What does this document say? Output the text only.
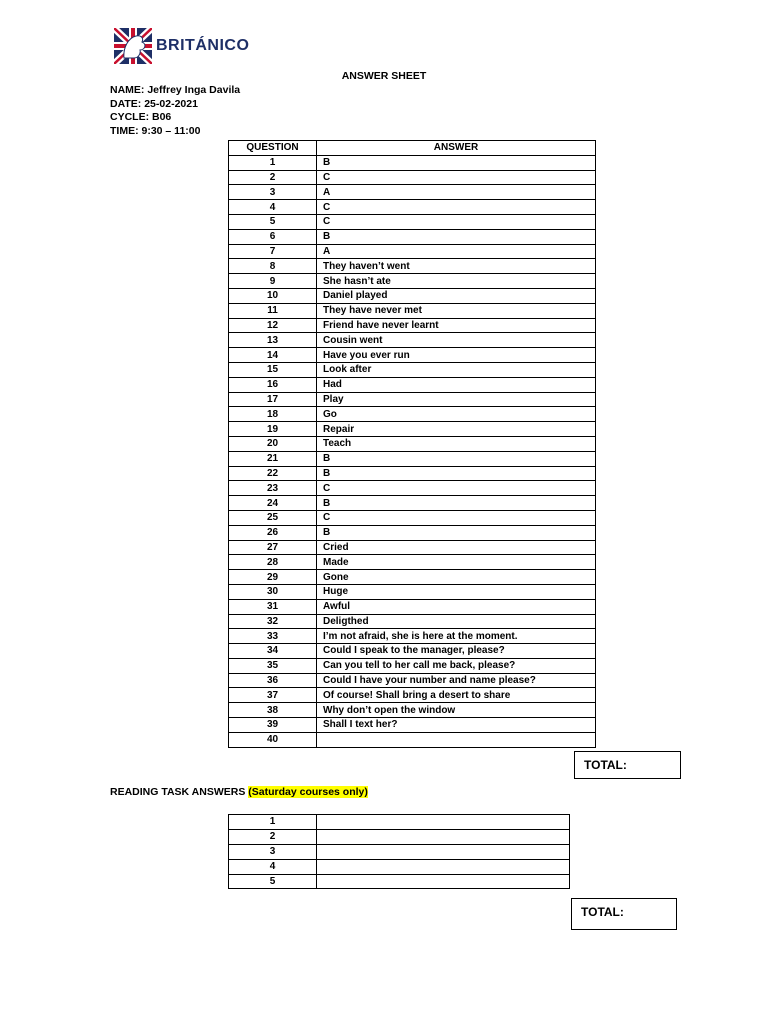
BRITÁNICO
ANSWER SHEET
NAME: Jeffrey Inga Davila
DATE: 25-02-2021
CYCLE: B06
TIME: 9:30 – 11:00
QUESTION	ANSWER
1	B
2	C
3	A
4	C
5	C
6	B
7	A
8	They haven’t went
9	She hasn’t ate
10	Daniel played
11	They have never met
12	Friend have never learnt
13	Cousin went
14	Have you ever run
15	Look after
16	Had
17	Play
18	Go
19	Repair
20	Teach
21	B
22	B
23	C
24	B
25	C
26	B
27	Cried
28	Made
29	Gone
30	Huge
31	Awful
32	Deligthed
33	I’m not afraid, she is here at the moment.
34	Could I speak to the manager, please?
35	Can you tell to her call me back, please?
36	Could I have your number and name please?
37	Of course! Shall bring a desert to share
38	Why don’t open the window
39	Shall I text her?
40	
TOTAL:
READING TASK ANSWERS (Saturday courses only)
1	
2	
3	
4	
5	
TOTAL:
